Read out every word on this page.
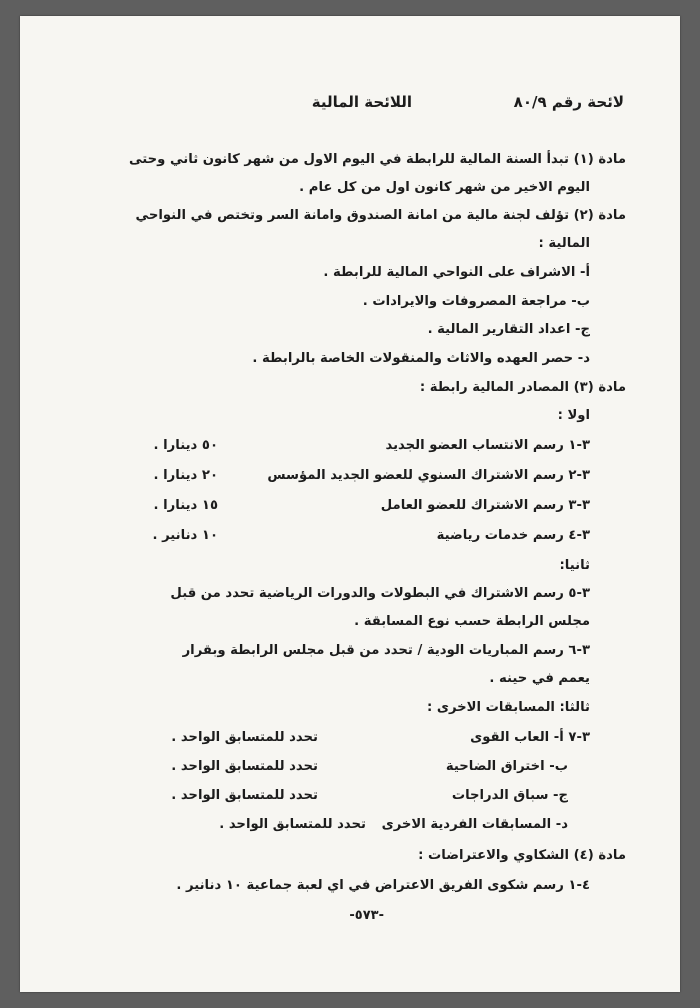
لائحة رقم ٨٠/٩
اللائحة المالية
مادة (١) تبدأ السنة المالية للرابطة في اليوم الاول من شهر كانون ثاني وحتى
اليوم الاخير من شهر كانون اول من كل عام .
مادة (٢) تؤلف لجنة مالية من امانة الصندوق وامانة السر وتختص في النواحي
المالية :
أ- الاشراف على النواحي المالية للرابطة .
ب- مراجعة المصروفات والايرادات .
ج- اعداد التقارير المالية .
د- حصر العهده والاثاث والمنقولات الخاصة بالرابطة .
مادة (٣) المصادر المالية رابطة :
اولا :
٣-١ رسم الانتساب العضو الجديد
٥٠ دينارا .
٣-٢ رسم الاشتراك السنوي للعضو الجديد المؤسس
٢٠ دينارا .
٣-٣ رسم الاشتراك للعضو العامل
١٥ دينارا .
٣-٤ رسم خدمات رياضية
١٠ دنانير .
ثانيا:
٣-٥ رسم الاشتراك في البطولات والدورات الرياضية تحدد من قبل
مجلس الرابطة حسب نوع المسابقة .
٣-٦ رسم المباريات الودية / تحدد من قبل مجلس الرابطة وبقرار
يعمم في حينه .
ثالثا: المسابقات الاخرى :
٣-٧ أ- العاب القوى
تحدد للمتسابق الواحد .
ب- اختراق الضاحية
تحدد للمتسابق الواحد .
ج- سباق الدراجات
تحدد للمتسابق الواحد .
د- المسابقات الفردية الاخرى
تحدد للمتسابق الواحد .
مادة (٤) الشكاوي والاعتراضات :
٤-١ رسم شكوى الفريق الاعتراض في اي لعبة جماعية ١٠ دنانير .
-٥٧٣-
